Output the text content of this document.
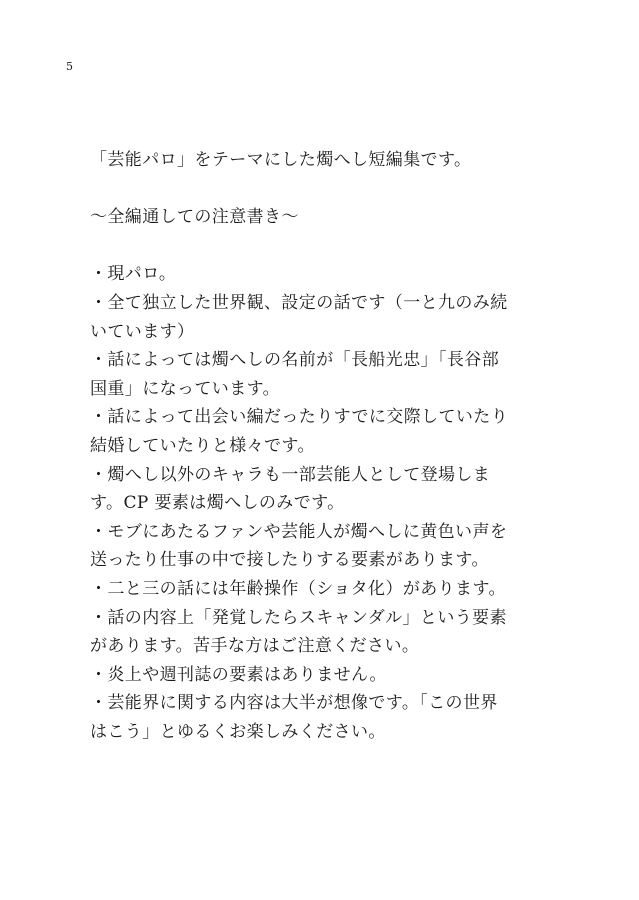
5
「芸能パロ」をテーマにした燭へし短編集です。
～全編通しての注意書き～
・現パロ。
・全て独立した世界観、設定の話です（一と九のみ続
いています）
・話によっては燭へしの名前が「長船光忠」「長谷部
国重」になっています。
・話によって出会い編だったりすでに交際していたり
結婚していたりと様々です。
・燭へし以外のキャラも一部芸能人として登場しま
す。CP 要素は燭へしのみです。
・モブにあたるファンや芸能人が燭へしに黄色い声を
送ったり仕事の中で接したりする要素があります。
・二と三の話には年齢操作（ショタ化）があります。
・話の内容上「発覚したらスキャンダル」という要素
があります。苦手な方はご注意ください。
・炎上や週刊誌の要素はありません。
・芸能界に関する内容は大半が想像です。「この世界
はこう」とゆるくお楽しみください。
